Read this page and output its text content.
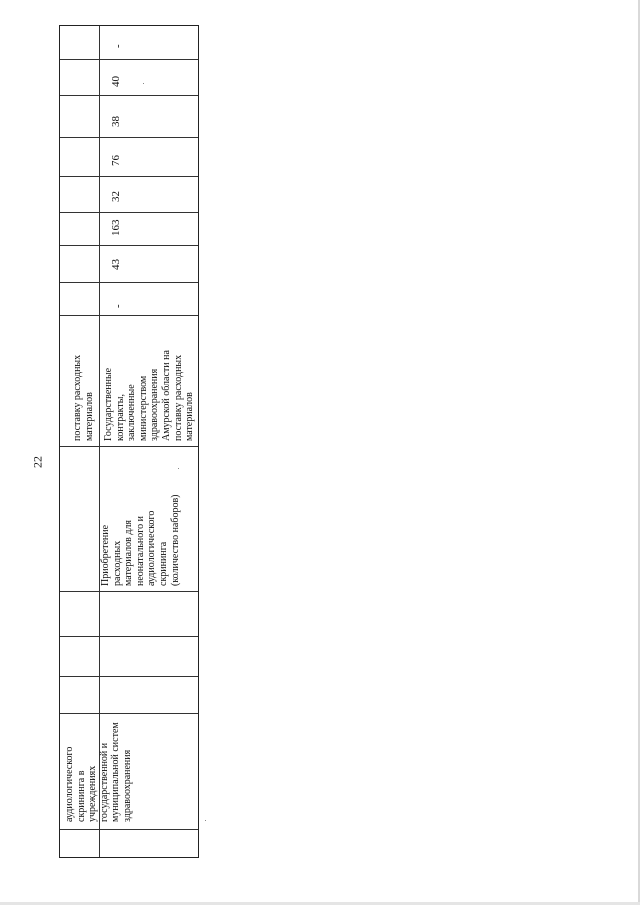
22
аудиологического
скрининга в
учреждениях
государственной и
муниципальной систем
здравоохранения
поставку расходных
материалов Государственные
контракты, заключенные
министерством
здравоохранения
Амурской области на
поставку расходных
материалов
Приобретение расходных
материалов для
неонатального и
аудиологического скрининга
(количество наборов)
-
43
163
32
76
38
40
-
